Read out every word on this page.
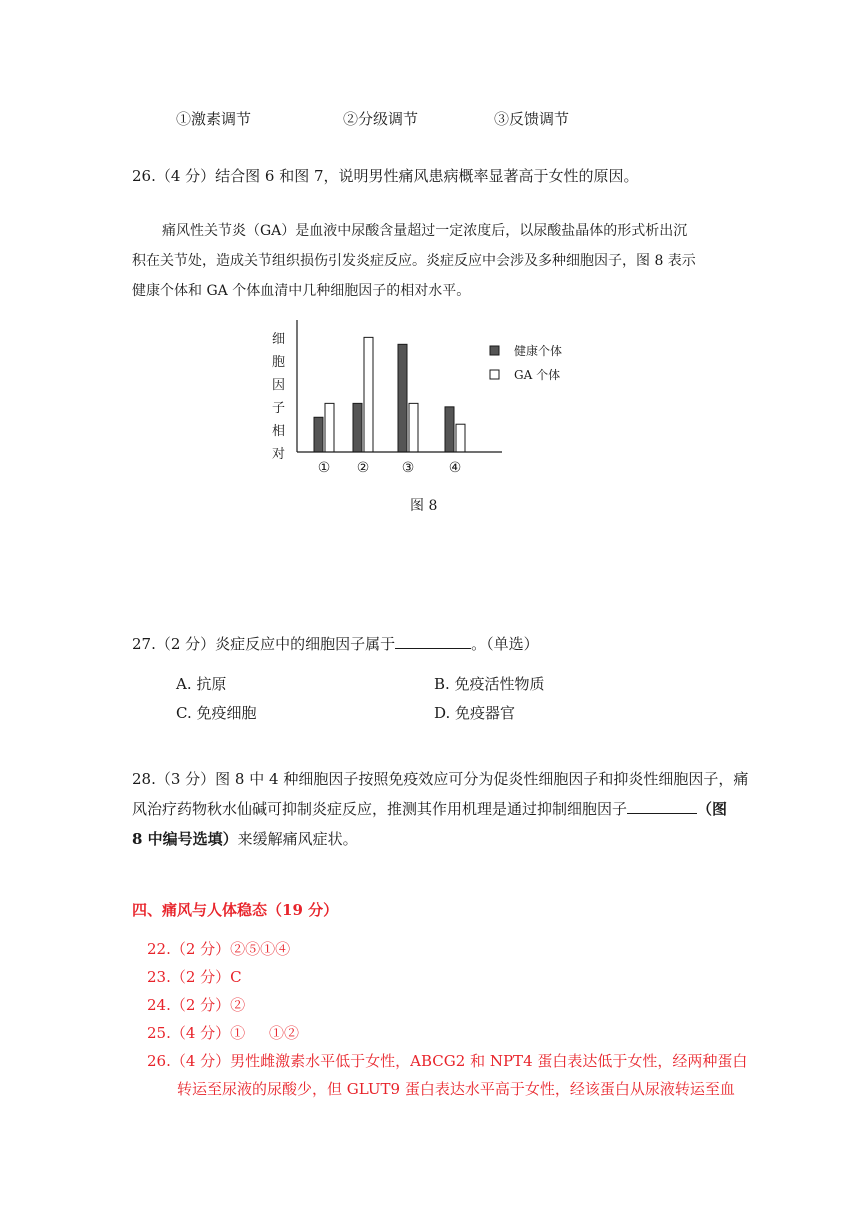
①激素调节	②分级调节	③反馈调节
26.（4 分）结合图 6 和图 7，说明男性痛风患病概率显著高于女性的原因。
痛风性关节炎（GA）是血液中尿酸含量超过一定浓度后，以尿酸盐晶体的形式析出沉
积在关节处，造成关节组织损伤引发炎症反应。炎症反应中会涉及多种细胞因子，图 8 表示
健康个体和 GA 个体血清中几种细胞因子的相对水平。
细
胞
因
子
相
对
① ② ③ ④
健康个体
GA 个体
图 8
27.（2 分）炎症反应中的细胞因子属于	。（单选）
A. 抗原	B. 免疫活性物质
C. 免疫细胞	D. 免疫器官
28.（3 分）图 8 中 4 种细胞因子按照免疫效应可分为促炎性细胞因子和抑炎性细胞因子，痛
风治疗药物秋水仙碱可抑制炎症反应，推测其作用机理是通过抑制细胞因子	（图
8 中编号选填）来缓解痛风症状。
四、痛风与人体稳态（19 分）
22.（2 分）②⑤①④
23.（2 分）C
24.（2 分）②
25.（4 分）①     ①②
26.（4 分）男性雌激素水平低于女性，ABCG2 和 NPT4 蛋白表达低于女性，经两种蛋白
转运至尿液的尿酸少，但 GLUT9 蛋白表达水平高于女性，经该蛋白从尿液转运至血
